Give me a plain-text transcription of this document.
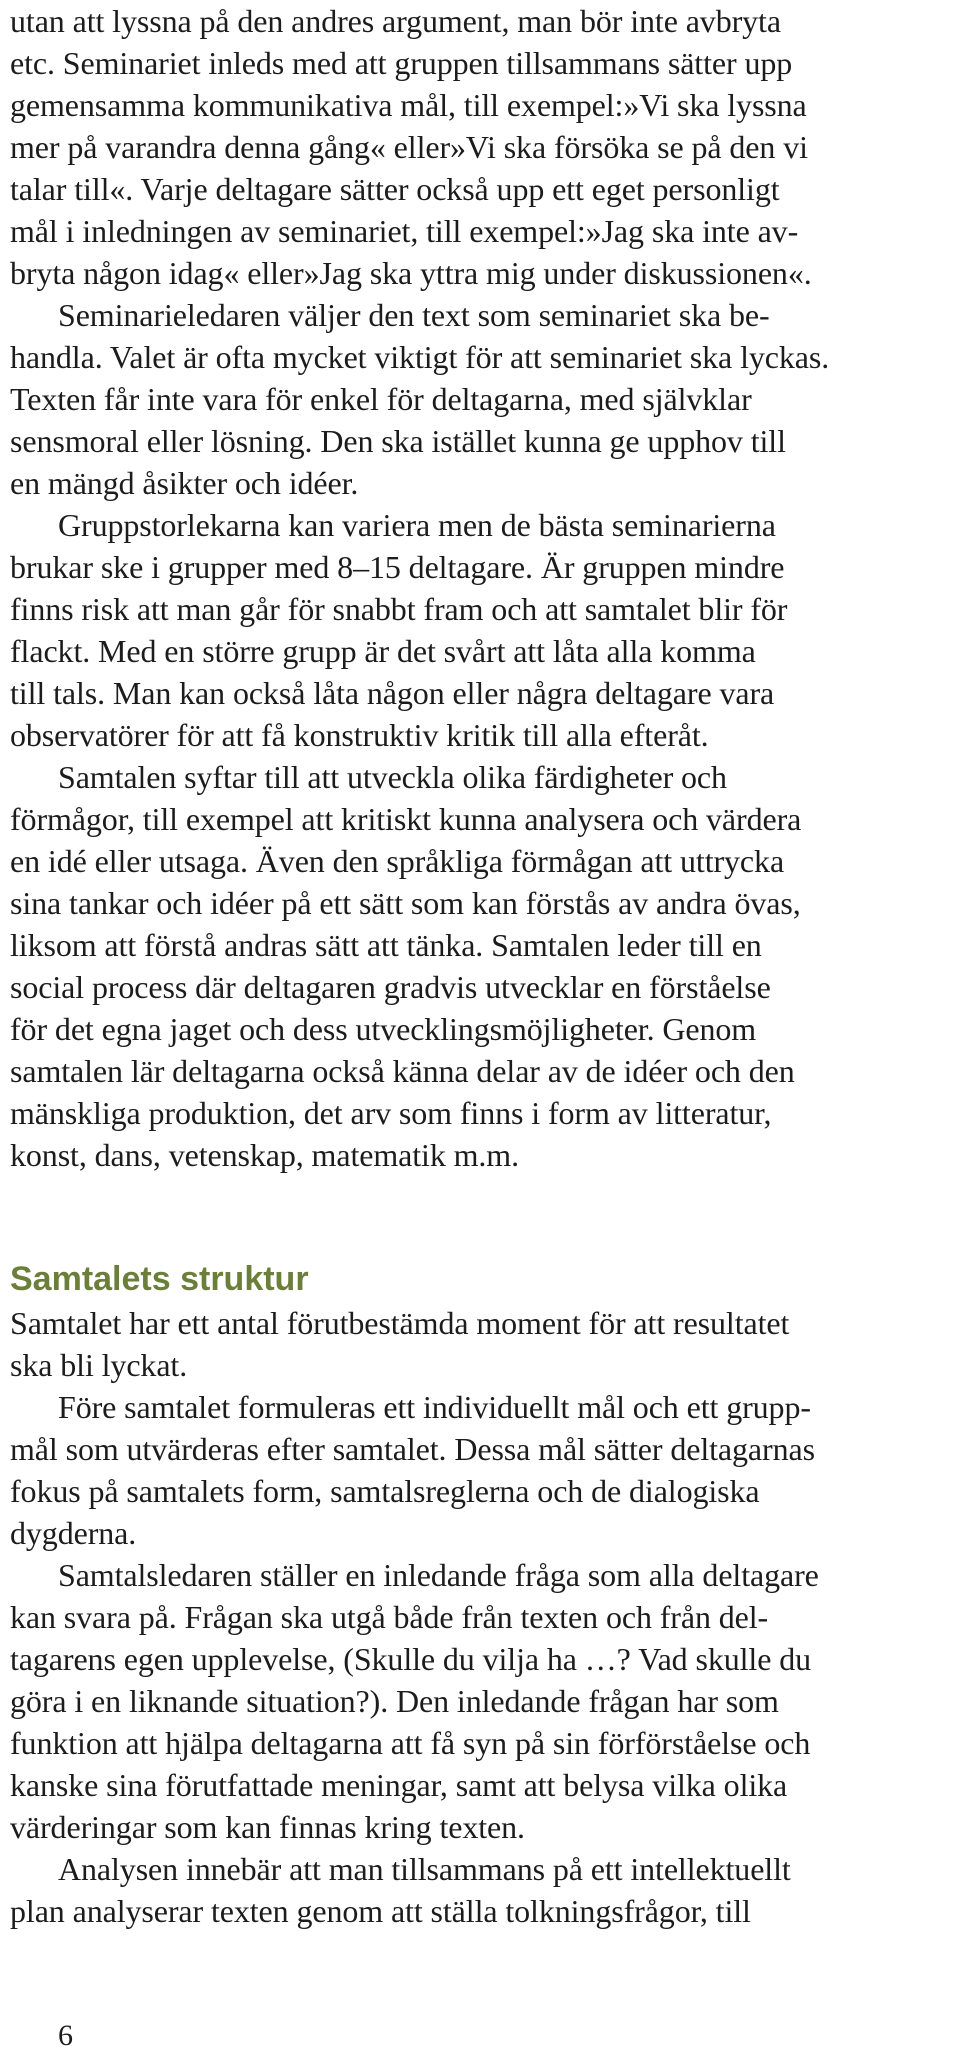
utan att lyssna på den andres argument, man bör inte avbryta
etc. Seminariet inleds med att gruppen tillsammans sätter upp
gemensamma kommunikativa mål, till exempel:»Vi ska lyssna
mer på varandra denna gång« eller»Vi ska försöka se på den vi
talar till«. Varje deltagare sätter också upp ett eget personligt
mål i inledningen av seminariet, till exempel:»Jag ska inte av-
bryta någon idag« eller»Jag ska yttra mig under diskussionen«.
Seminarieledaren väljer den text som seminariet ska be-
handla. Valet är ofta mycket viktigt för att seminariet ska lyckas.
Texten får inte vara för enkel för deltagarna, med självklar
sensmoral eller lösning. Den ska istället kunna ge upphov till
en mängd åsikter och idéer.
Gruppstorlekarna kan variera men de bästa seminarierna
brukar ske i grupper med 8–15 deltagare. Är gruppen mindre
finns risk att man går för snabbt fram och att samtalet blir för
flackt. Med en större grupp är det svårt att låta alla komma
till tals. Man kan också låta någon eller några deltagare vara
observatörer för att få konstruktiv kritik till alla efteråt.
Samtalen syftar till att utveckla olika färdigheter och
förmågor, till exempel att kritiskt kunna analysera och värdera
en idé eller utsaga. Även den språkliga förmågan att uttrycka
sina tankar och idéer på ett sätt som kan förstås av andra övas,
liksom att förstå andras sätt att tänka. Samtalen leder till en
social process där deltagaren gradvis utvecklar en förståelse
för det egna jaget och dess utvecklingsmöjligheter. Genom
samtalen lär deltagarna också känna delar av de idéer och den
mänskliga produktion, det arv som finns i form av litteratur,
konst, dans, vetenskap, matematik m.m.
Samtalets struktur
Samtalet har ett antal förutbestämda moment för att resultatet
ska bli lyckat.
Före samtalet formuleras ett individuellt mål och ett grupp-
mål som utvärderas efter samtalet. Dessa mål sätter deltagarnas
fokus på samtalets form, samtalsreglerna och de dialogiska
dygderna.
Samtalsledaren ställer en inledande fråga som alla deltagare
kan svara på. Frågan ska utgå både från texten och från del-
tagarens egen upplevelse, (Skulle du vilja ha …? Vad skulle du
göra i en liknande situation?). Den inledande frågan har som
funktion att hjälpa deltagarna att få syn på sin förförståelse och
kanske sina förutfattade meningar, samt att belysa vilka olika
värderingar som kan finnas kring texten.
Analysen innebär att man tillsammans på ett intellektuellt
plan analyserar texten genom att ställa tolkningsfrågor, till
6
